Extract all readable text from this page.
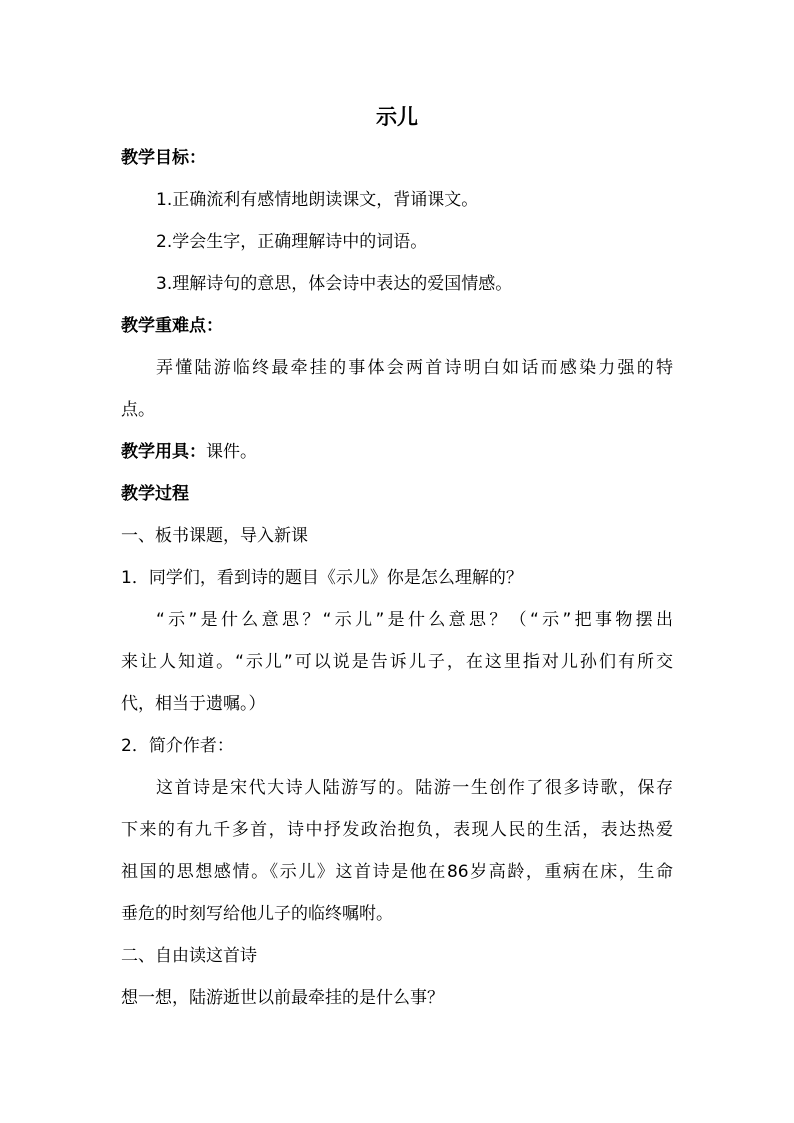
示儿
教学目标：
1.正确流利有感情地朗读课文，背诵课文。
2.学会生字，正确理解诗中的词语。
3.理解诗句的意思，体会诗中表达的爱国情感。
教学重难点：
弄懂陆游临终最牵挂的事体会两首诗明白如话而感染力强的特
点。
教学用具：课件。
教学过程
一、板书课题，导入新课
1．同学们，看到诗的题目《示儿》你是怎么理解的？
“示”是什么意思？“示儿”是什么意思？（“示”把事物摆出
来让人知道。“示儿”可以说是告诉儿子，在这里指对儿孙们有所交
代，相当于遗嘱。）
2．简介作者：
这首诗是宋代大诗人陆游写的。陆游一生创作了很多诗歌，保存
下来的有九千多首，诗中抒发政治抱负，表现人民的生活，表达热爱
祖国的思想感情。《示儿》这首诗是他在86岁高龄，重病在床，生命
垂危的时刻写给他儿子的临终嘱咐。
二、自由读这首诗
想一想，陆游逝世以前最牵挂的是什么事？
